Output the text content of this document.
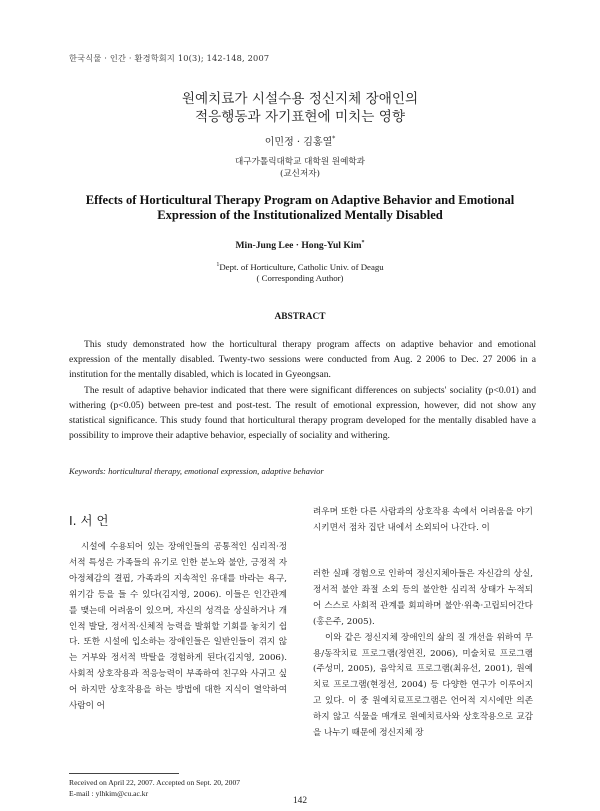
한국식물 · 인간 · 환경학회지 10(3); 142-148, 2007
원예치료가 시설수용 정신지체 장애인의
적응행동과 자기표현에 미치는 영향
이민정 · 김홍열*
대구가톨릭대학교 대학원 원예학과
(교신저자)
Effects of Horticultural Therapy Program on Adaptive Behavior and Emotional
Expression of the Institutionalized Mentally Disabled
Min-Jung Lee · Hong-Yul Kim*
$^1$Dept. of Horticulture, Catholic Univ. of Deagu
( Corresponding Author)
ABSTRACT

This study demonstrated how the horticultural therapy program affects on adaptive behavior and emotional expression of the mentally disabled. Twenty-two sessions were conducted from Aug. 2 2006 to Dec. 27 2006 in a institution for the mentally disabled, which is located in Gyeongsan.

The result of adaptive behavior indicated that there were significant differences on subjects' sociality (p<0.01) and withering (p<0.05) between pre-test and post-test. The result of emotional expression, however, did not show any statistical significance. This study found that horticultural therapy program developed for the mentally disabled have a possibility to improve their adaptive behavior, especially of sociality and withering.

Keywords: horticultural therapy, emotional expression, adaptive behavior
Ⅰ. 서 언

시설에 수용되어 있는 장애인들의 공통적인 심리적·정서적 특성은 가족들의 유기로 인한 분노와 불안, 긍정적 자아정체감의 결핍, 가족과의 지속적인 유대를 바라는 욕구, 위기감 등을 들 수 있다(김지영, 2006). 이들은 인간관계를 맺는데 어려움이 있으며, 자신의 성격을 상실하거나 개인적 발달, 정서적·신체적 능력을 발휘할 기회를 놓치기 쉽다. 또한 시설에 입소하는 장애인들은 일반인들이 겪지 않는 거부와 정서적 박탈을 경험하게 된다(김지영, 2006). 사회적 상호작용과 적응능력이 부족하여 친구와 사귀고 싶어 하지만 상호작용을 하는 방법에 대한 지식이 열악하여 사람이 어

려우며 또한 다른 사람과의 상호작용 속에서 어려움을 야기 시키면서 점차 집단 내에서 소외되어 나간다. 이

러한 실패 경험으로 인하여 정신지체아들은 자신감의 상실, 정서적 불안 좌절 소외 등의 불안한 심리적 상태가 누적되어 스스로 사회적 관계를 회피하며 불안·위축·고립되어간다(홍은주, 2005).

이와 같은 정신지체 장애인의 삶의 질 개선을 위하여 무용/동작치료 프로그램(정연진, 2006), 미술치료 프로그램(주성미, 2005), 음악치료 프로그램(최유선, 2001), 원예치료 프로그램(현정선, 2004) 등 다양한 연구가 이루어지고 있다. 이 중 원예치료프로그램은 언어적 지시에만 의존하지 않고 식물을 매개로 원예치료사와 상호작용으로 교감을 나누기 때문에 정신지체 장

Received on April 22, 2007. Accepted on Sept. 20, 2007
E-mail : ylhkim@cu.ac.kr
142
